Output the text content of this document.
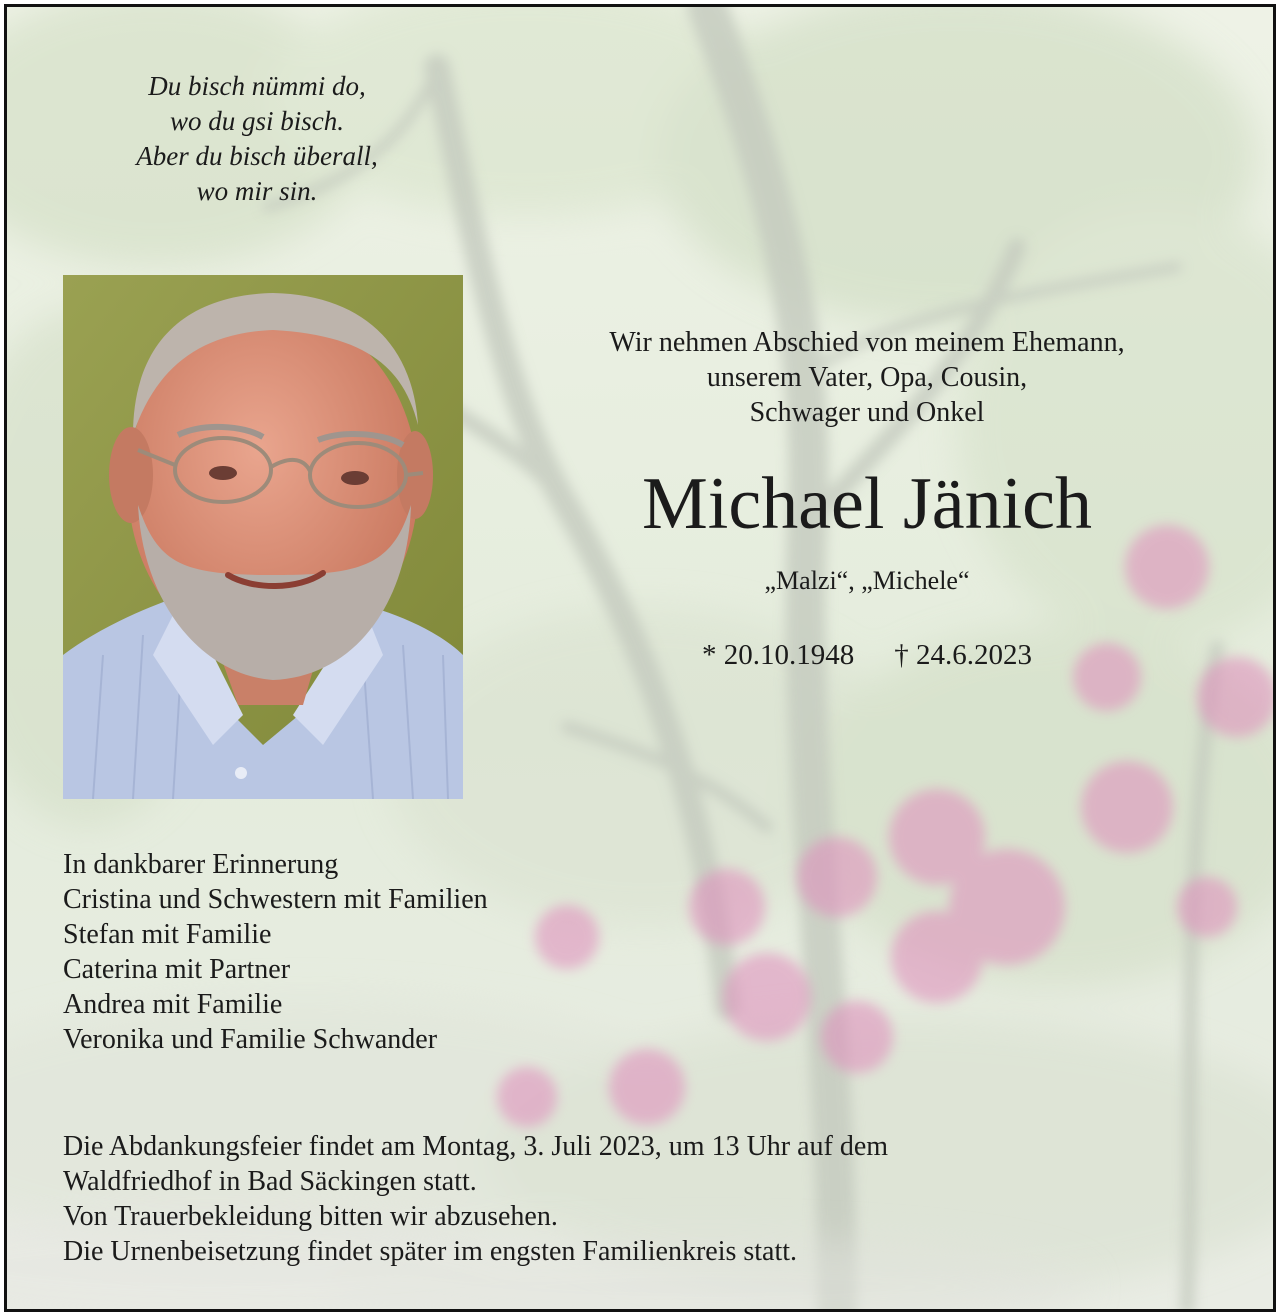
Du bisch nümmi do,
wo du gsi bisch.
Aber du bisch überall,
wo mir sin.
Wir nehmen Abschied von meinem Ehemann,
unserem Vater, Opa, Cousin,
Schwager und Onkel
Michael Jänich
„Malzi“, „Michele“
* 20.10.1948 † 24.6.2023
In dankbarer Erinnerung
Cristina und Schwestern mit Familien
Stefan mit Familie
Caterina mit Partner
Andrea mit Familie
Veronika und Familie Schwander
Die Abdankungsfeier findet am Montag, 3. Juli 2023, um 13 Uhr auf dem
Waldfriedhof in Bad Säckingen statt.
Von Trauerbekleidung bitten wir abzusehen.
Die Urnenbeisetzung findet später im engsten Familienkreis statt.
